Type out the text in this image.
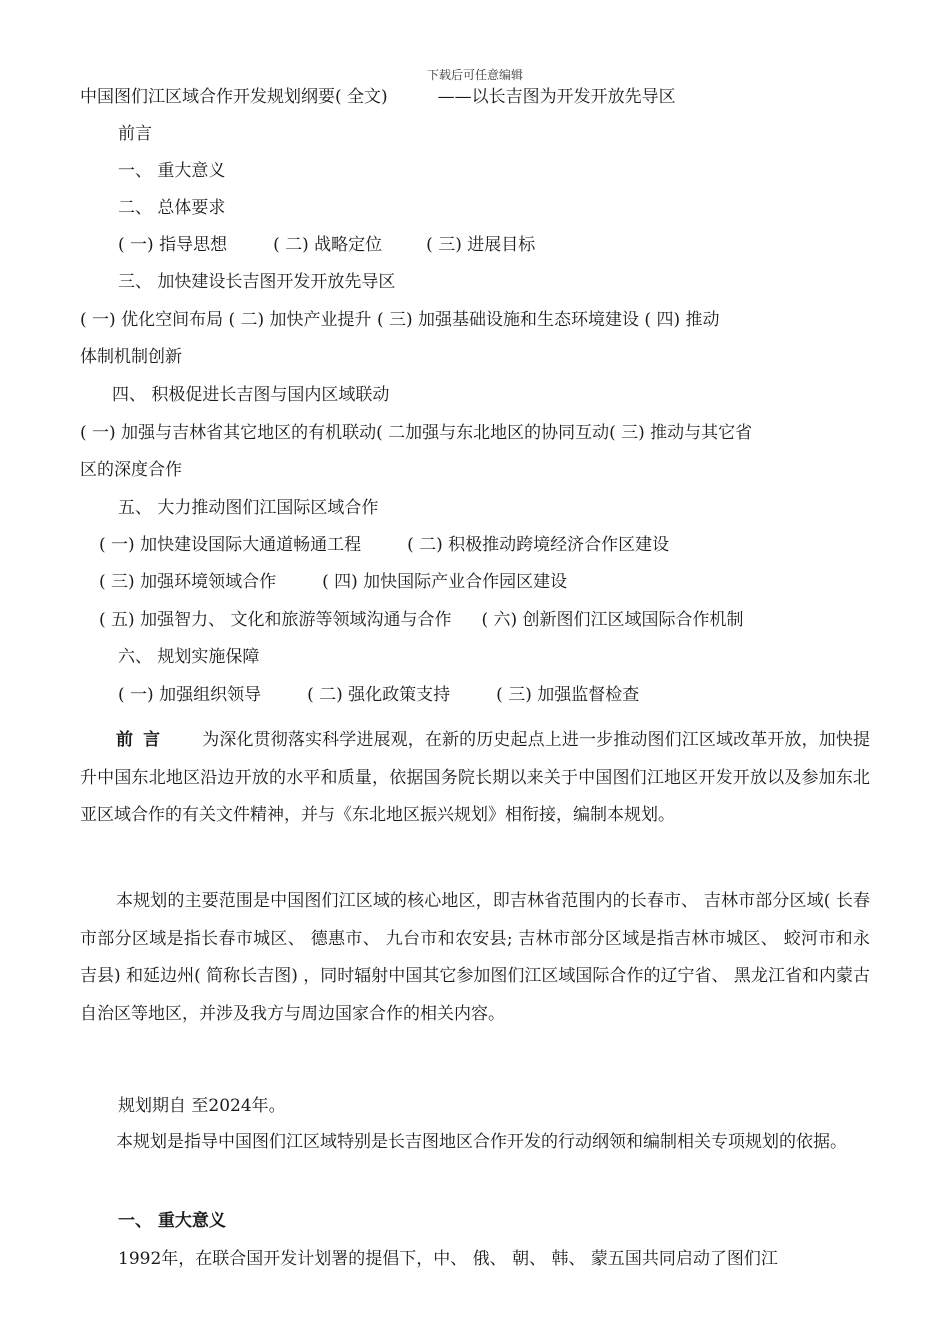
下载后可任意编辑
中国图们江区域合作开发规划纲要( 全文)	——以长吉图为开发开放先导区
前言
一、 重大意义
二、 总体要求
( 一) 指导思想	( 二) 战略定位	( 三) 进展目标
三、 加快建设长吉图开发开放先导区
( 一) 优化空间布局 ( 二) 加快产业提升 ( 三) 加强基础设施和生态环境建设 ( 四) 推动
体制机制创新
四、 积极促进长吉图与国内区域联动
( 一) 加强与吉林省其它地区的有机联动( 二加强与东北地区的协同互动( 三) 推动与其它省
区的深度合作
五、 大力推动图们江国际区域合作
( 一) 加快建设国际大通道畅通工程	( 二) 积极推动跨境经济合作区建设
( 三) 加强环境领域合作	( 四) 加快国际产业合作园区建设
( 五) 加强智力、 文化和旅游等领域沟通与合作 ( 六) 创新图们江区域国际合作机制
六、 规划实施保障
( 一) 加强组织领导	( 二) 强化政策支持	( 三) 加强监督检查
前 言 为深化贯彻落实科学进展观，在新的历史起点上进一步推动图们江区域改革开放，加快提升中国东北地区沿边开放的水平和质量，依据国务院长期以来关于中国图们江地区开发开放以及参加东北亚区域合作的有关文件精神，并与《东北地区振兴规划》相衔接，编制本规划。
本规划的主要范围是中国图们江区域的核心地区，即吉林省范围内的长春市、 吉林市部分区域( 长春市部分区域是指长春市城区、 德惠市、 九台市和农安县; 吉林市部分区域是指吉林市城区、 蛟河市和永吉县) 和延边州( 简称长吉图) ，同时辐射中国其它参加图们江区域国际合作的辽宁省、 黑龙江省和内蒙古自治区等地区，并涉及我方与周边国家合作的相关内容。
规划期自 至2024年。
本规划是指导中国图们江区域特别是长吉图地区合作开发的行动纲领和编制相关专项规划的依据。
一、 重大意义
1992年，在联合国开发计划署的提倡下，中、 俄、 朝、 韩、 蒙五国共同启动了图们江
